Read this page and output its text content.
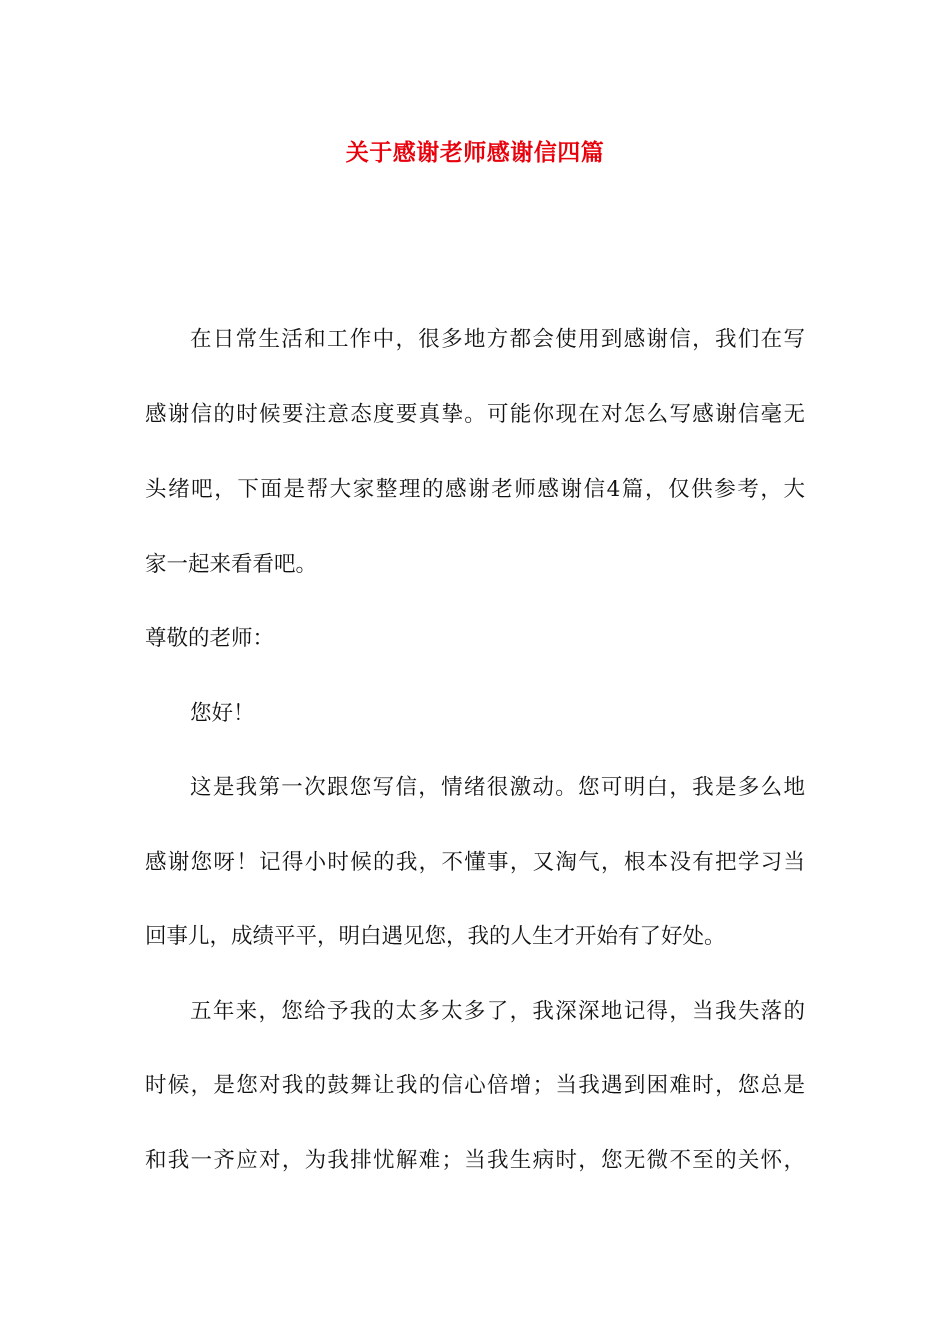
关于感谢老师感谢信四篇
在日常生活和工作中，很多地方都会使用到感谢信，我们在写
感谢信的时候要注意态度要真挚。可能你现在对怎么写感谢信毫无
头绪吧，下面是帮大家整理的感谢老师感谢信4篇，仅供参考，大
家一起来看看吧。
尊敬的老师：
您好！
这是我第一次跟您写信，情绪很激动。您可明白，我是多么地
感谢您呀！记得小时候的我，不懂事，又淘气，根本没有把学习当
回事儿，成绩平平，明白遇见您，我的人生才开始有了好处。
五年来，您给予我的太多太多了，我深深地记得，当我失落的
时候，是您对我的鼓舞让我的信心倍增；当我遇到困难时，您总是
和我一齐应对，为我排忧解难；当我生病时，您无微不至的关怀，
